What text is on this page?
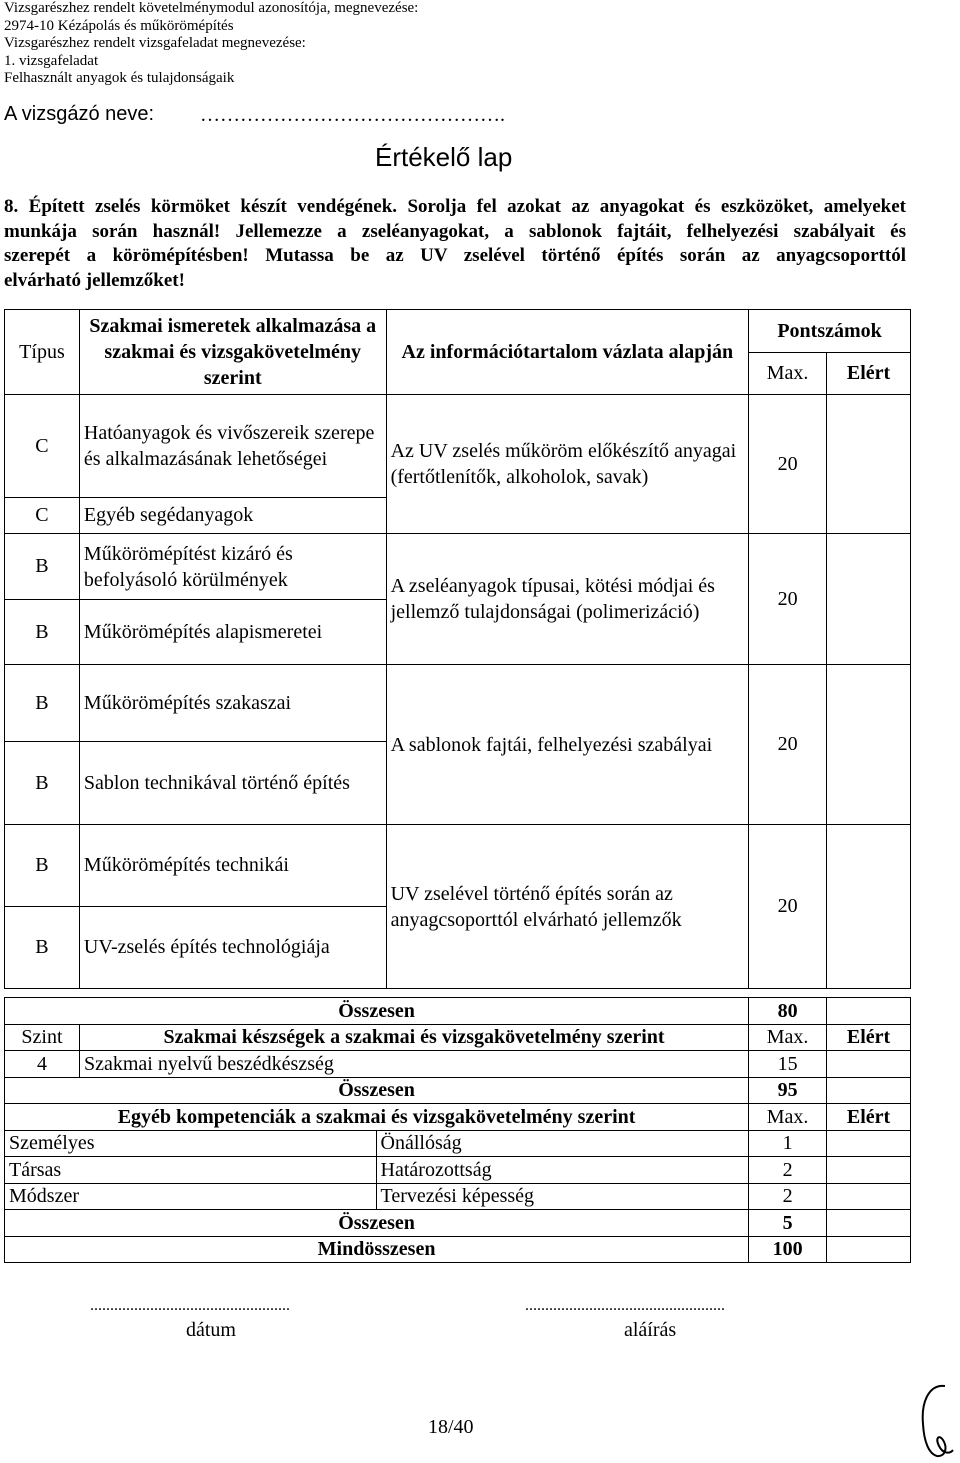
Vizsgarészhez rendelt követelménymodul azonosítója, megnevezése:
2974-10 Kézápolás és műkörömépítés
Vizsgarészhez rendelt vizsgafeladat megnevezése:
1. vizsgafeladat
Felhasznált anyagok és tulajdonságaik
A vizsgázó neve: ……………………………………….
Értékelő lap
8. Épített zselés körmöket készít vendégének. Sorolja fel azokat az anyagokat és eszközöket, amelyeket
munkája során használ! Jellemezze a zseléanyagokat, a sablonok fajtáit, felhelyezési szabályait és
szerepét a körömépítésben! Mutassa be az UV zselével történő építés során az anyagcsoporttól
elvárható jellemzőket!
Típus	Szakmai ismeretek alkalmazása a szakmai és vizsgakövetelmény szerint	Az információtartalom vázlata alapján	Pontszámok	
			Max.	Elért
C	Hatóanyagok és vivőszereik szerepe és alkalmazásának lehetőségei	Az UV zselés műköröm előkészítő anyagai (fertőtlenítők, alkoholok, savak)	20	
C	Egyéb segédanyagok			
B	Műkörömépítést kizáró és befolyásoló körülmények	A zseléanyagok típusai, kötési módjai és jellemző tulajdonságai (polimerizáció)	20	
B	Műkörömépítés alapismeretei			
B	Műkörömépítés szakaszai	A sablonok fajtái, felhelyezési szabályai	20	
B	Sablon technikával történő építés			
B	Műkörömépítés technikái	UV zselével történő építés során az anyagcsoporttól elvárható jellemzők	20	
B	UV-zselés építés technológiája			
Összesen			80	
Szint	Szakmai készségek a szakmai és vizsgakövetelmény szerint		Max.	Elért
4	Szakmai nyelvű beszédkészség		15	
Összesen			95	
Egyéb kompetenciák a szakmai és vizsgakövetelmény szerint			Max.	Elért
Személyes		Önállóság	1	
Társas		Határozottság	2	
Módszer		Tervezési képesség	2	
Összesen			5	
Mindösszesen			100	
..................................................
dátum
..................................................
aláírás
18/40
